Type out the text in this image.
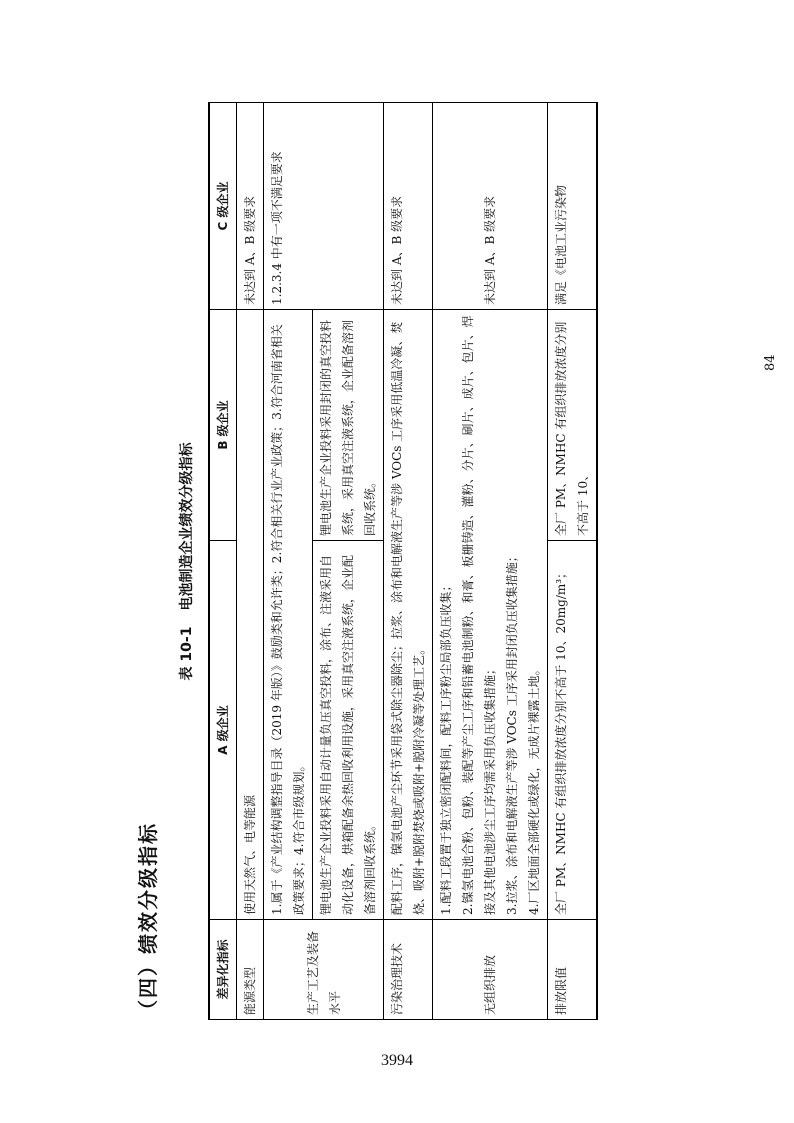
（四）绩效分级指标
表 10-1电池制造企业绩效分级指标
差异化指标	A 级企业	B 级企业	C 级企业
能源类型	使用天然气、电等能源		未达到 A、B 级要求
生产工艺及装备水平	1.属于《产业结构调整指导目录（2019 年版）》鼓励类和允许类；2.符合相关行业产业政策；3.符合河南省相关政策要求；4.符合市级规划。		1.2.3.4 中有一项不满足要求

	锂电池生产企业投料采用自动计量负压真空投料，涂布、注液采用自动化设备，烘箱配备余热回收利用设施，采用真空注液系统，企业配备溶剂回收系统。	锂电池生产企业投料采用封闭的真空投料系统，采用真空注液系统，企业配备溶剂回收系统。	
污染治理技术	配料工序，镍氢电池产尘环节采用袋式除尘器除尘；拉浆、涂布和电解液生产等涉 VOCs 工序采用低温冷凝、焚烧、吸附+脱附焚烧或吸附+脱附冷凝等处理工艺。		未达到 A、B 级要求
无组织排放	1.配料工段置于独立密闭配料间，配料工序粉尘局部负压收集； 2.镍氢电池合粉、包粉、装配等产尘工序和铅蓄电池制粉、和膏、板栅铸造、灌粉、分片、刷片、成片、包片、焊接及其他电池涉尘工序均需采用负压收集措施； 3.拉浆、涂布和电解液生产等涉 VOCs 工序采用封闭负压收集措施； 4.厂区地面全部硬化或绿化，无成片裸露土地。		未达到 A、B 级要求
排放限值	全厂 PM、NMHC 有组织排放浓度分别不高于 10、20mg/m³；	全厂 PM、NMHC 有组织排放浓度分别不高于 10、	满足《电池工业污染物
84
3994
